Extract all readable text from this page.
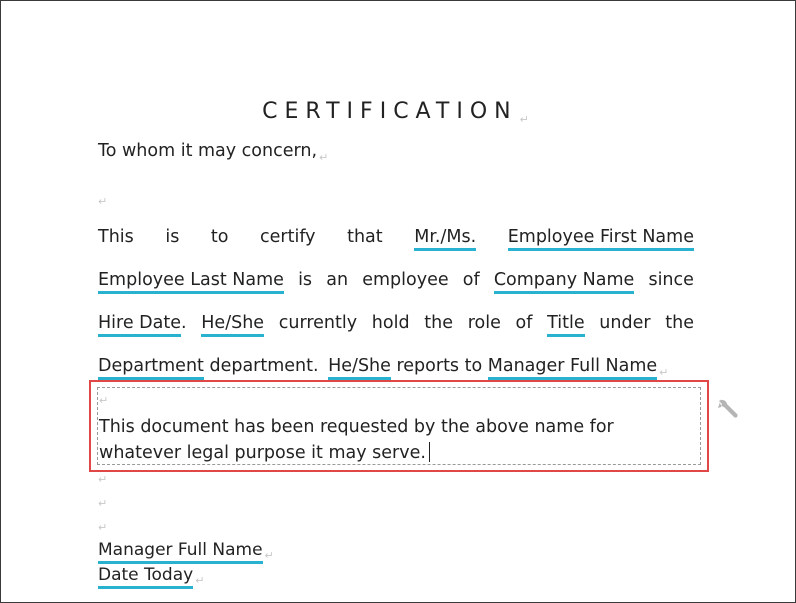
CERTIFICATION $_↵$
To whom it may concern, $_↵$
↵
This is to certify that Mr./Ms. Employee First Name
Employee Last Name is an employee of Company Name since
Hire Date. He/She currently hold the role of Title under the
Department department. He/She reports to Manager Full Name $_↵$
↵
This document has been requested by the above name for whatever legal purpose it may serve.
↵
↵
↵
Manager Full Name $_↵$
Date Today $_↵$
